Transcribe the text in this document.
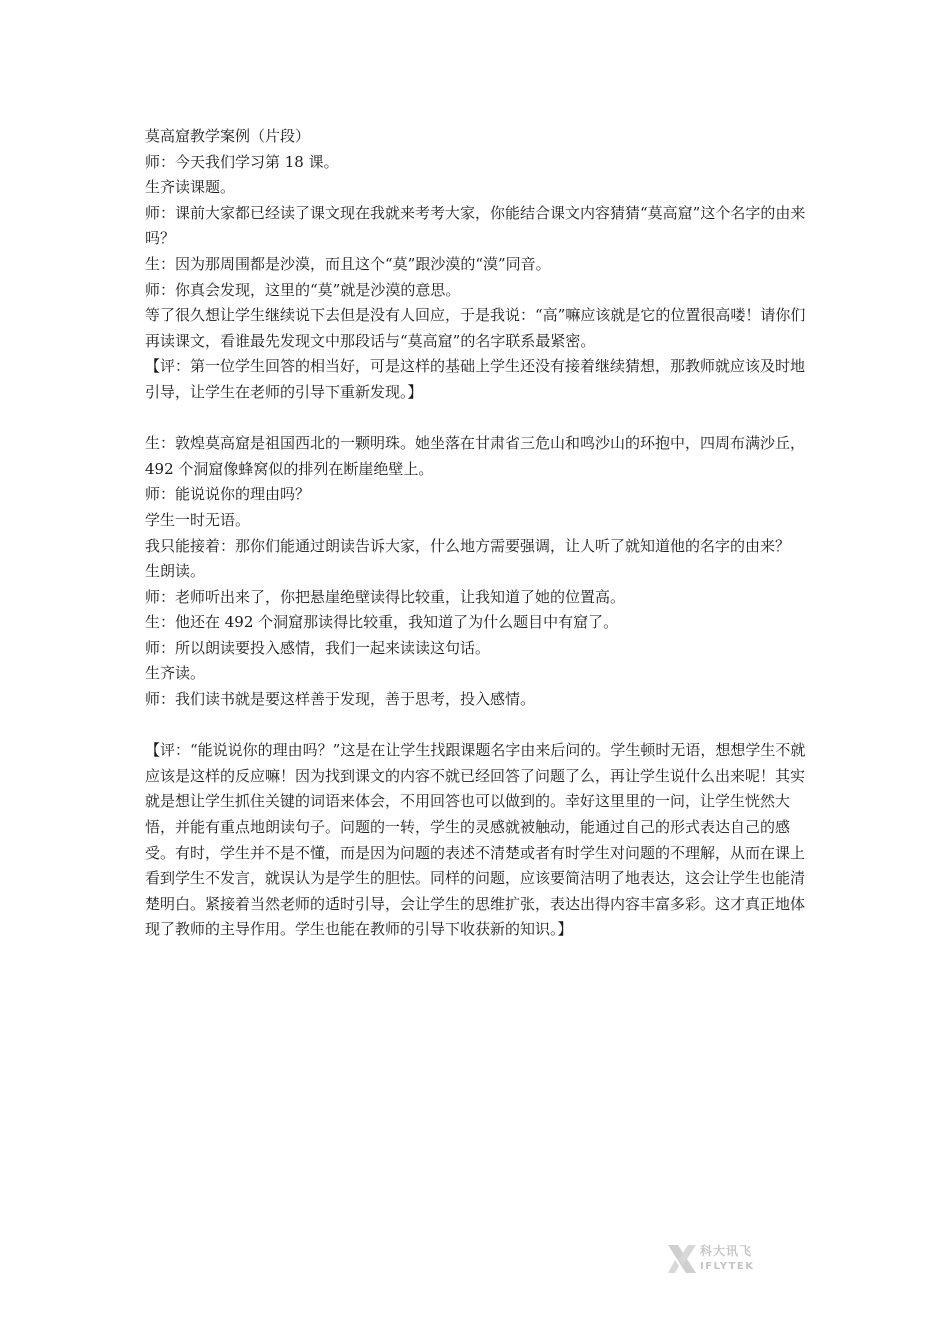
莫高窟教学案例（片段）

师：今天我们学习第 18 课。

生齐读课题。

师：课前大家都已经读了课文现在我就来考考大家，你能结合课文内容猜猜“莫高窟”这个名字的由来吗？

生：因为那周围都是沙漠，而且这个“莫”跟沙漠的“漠”同音。

师：你真会发现，这里的“莫”就是沙漠的意思。

等了很久想让学生继续说下去但是没有人回应，于是我说：“高”嘛应该就是它的位置很高喽！请你们再读课文，看谁最先发现文中那段话与“莫高窟”的名字联系最紧密。

【评：第一位学生回答的相当好，可是这样的基础上学生还没有接着继续猜想，那教师就应该及时地引导，让学生在老师的引导下重新发现。】

生：敦煌莫高窟是祖国西北的一颗明珠。她坐落在甘肃省三危山和鸣沙山的环抱中，四周布满沙丘，492 个洞窟像蜂窝似的排列在断崖绝壁上。

师：能说说你的理由吗？

学生一时无语。

我只能接着：那你们能通过朗读告诉大家，什么地方需要强调，让人听了就知道他的名字的由来？

生朗读。

师：老师听出来了，你把悬崖绝壁读得比较重，让我知道了她的位置高。

生：他还在 492 个洞窟那读得比较重，我知道了为什么题目中有窟了。

师：所以朗读要投入感情，我们一起来读读这句话。

生齐读。

师：我们读书就是要这样善于发现，善于思考，投入感情。

【评：“能说说你的理由吗？”这是在让学生找跟课题名字由来后问的。学生顿时无语，想想学生不就应该是这样的反应嘛！因为找到课文的内容不就已经回答了问题了么，再让学生说什么出来呢！其实就是想让学生抓住关键的词语来体会，不用回答也可以做到的。幸好这里里的一问，让学生恍然大悟，并能有重点地朗读句子。问题的一转，学生的灵感就被触动，能通过自己的形式表达自己的感受。有时，学生并不是不懂，而是因为问题的表述不清楚或者有时学生对问题的不理解，从而在课上看到学生不发言，就误认为是学生的胆怯。同样的问题，应该要简洁明了地表达，这会让学生也能清楚明白。紧接着当然老师的适时引导，会让学生的思维扩张，表达出得内容丰富多彩。这才真正地体现了教师的主导作用。学生也能在教师的引导下收获新的知识。】

科大讯飞
IFLYTEK
